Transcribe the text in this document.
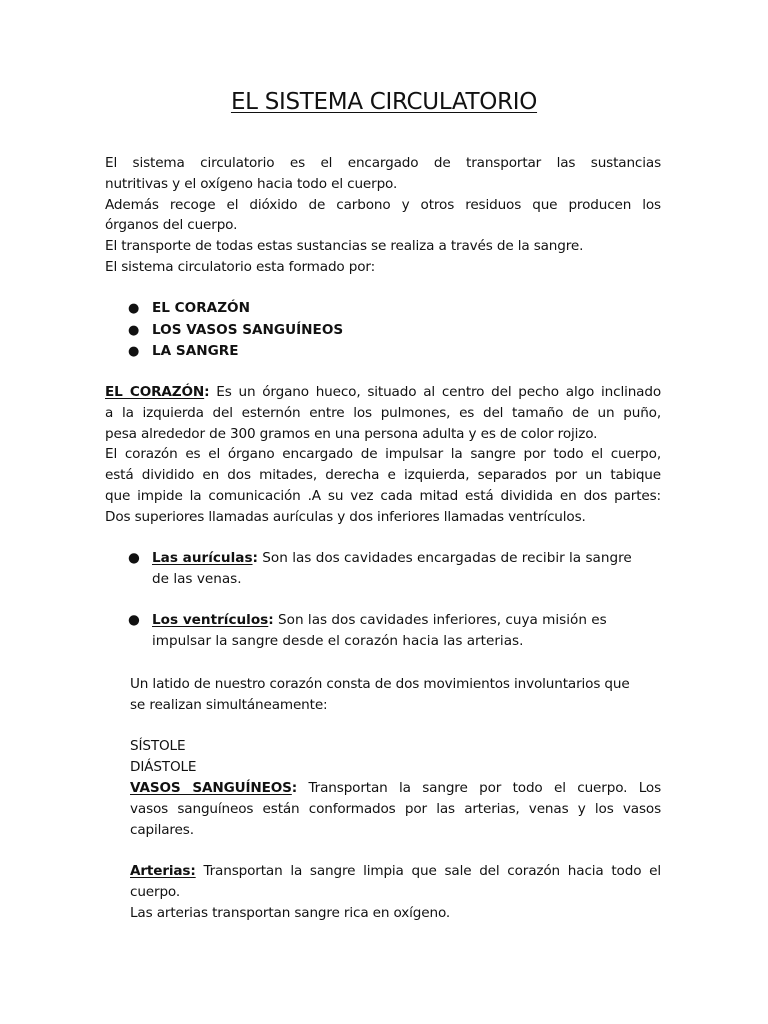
EL SISTEMA CIRCULATORIO
El sistema circulatorio es el encargado de transportar las sustancias
nutritivas y el oxígeno hacia todo el cuerpo.
Además recoge el dióxido de carbono y otros residuos que producen los
órganos del cuerpo.
El transporte de todas estas sustancias se realiza a través de la sangre.
El sistema circulatorio esta formado por:
● EL CORAZÓN
● LOS VASOS SANGUÍNEOS
● LA SANGRE
EL CORAZÓN: Es un órgano hueco, situado al centro del pecho algo inclinado
a la izquierda del esternón entre los pulmones, es del tamaño de un puño,
pesa alrededor de 300 gramos en una persona adulta y es de color rojizo.
El corazón es el órgano encargado de impulsar la sangre por todo el cuerpo,
está dividido en dos mitades, derecha e izquierda, separados por un tabique
que impide la comunicación .A su vez cada mitad está dividida en dos partes:
Dos superiores llamadas aurículas y dos inferiores llamadas ventrículos.
● Las aurículas: Son las dos cavidades encargadas de recibir la sangre
de las venas.
● Los ventrículos: Son las dos cavidades inferiores, cuya misión es
impulsar la sangre desde el corazón hacia las arterias.
Un latido de nuestro corazón consta de dos movimientos involuntarios que
se realizan simultáneamente:
SÍSTOLE
DIÁSTOLE
VASOS SANGUÍNEOS: Transportan la sangre por todo el cuerpo. Los
vasos sanguíneos están conformados por las arterias, venas y los vasos
capilares.
Arterias: Transportan la sangre limpia que sale del corazón hacia todo el
cuerpo.
Las arterias transportan sangre rica en oxígeno.
